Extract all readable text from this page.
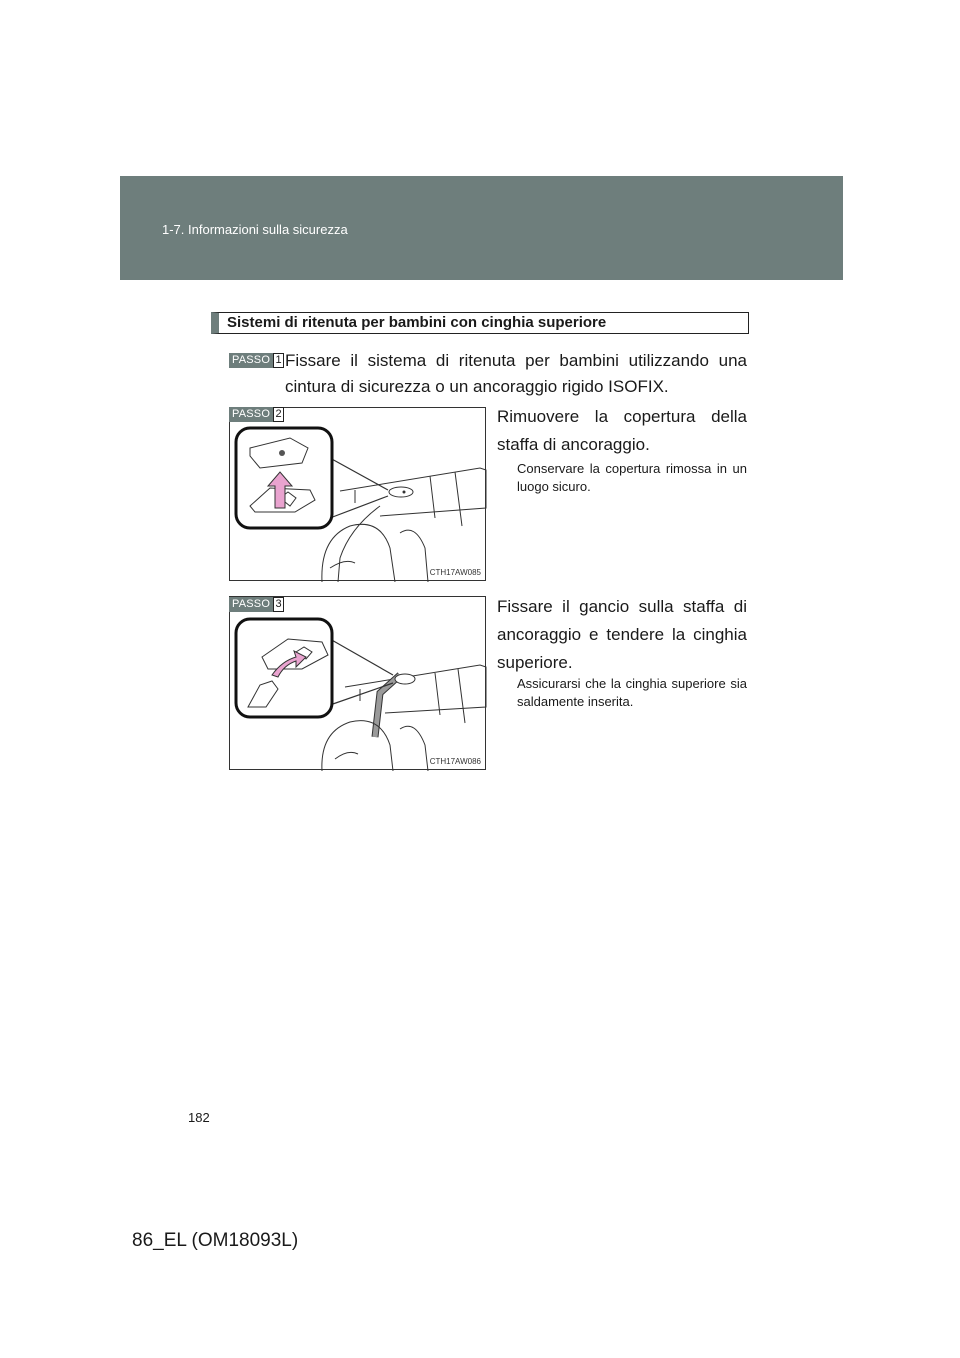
1-7. Informazioni sulla sicurezza
Sistemi di ritenuta per bambini con cinghia superiore
PASSO 1 Fissare il sistema di ritenuta per bambini utilizzando una cintura di sicurezza o un ancoraggio rigido ISOFIX.
CTH17AW085
PASSO 2	Rimuovere la copertura della staffa di ancoraggio.
Conservare la copertura rimossa in un luogo sicuro.
CTH17AW086
PASSO 3	Fissare il gancio sulla staffa di ancoraggio e tendere la cinghia superiore.
Assicurarsi che la cinghia superiore sia saldamente inserita.
182
86_EL (OM18093L)
